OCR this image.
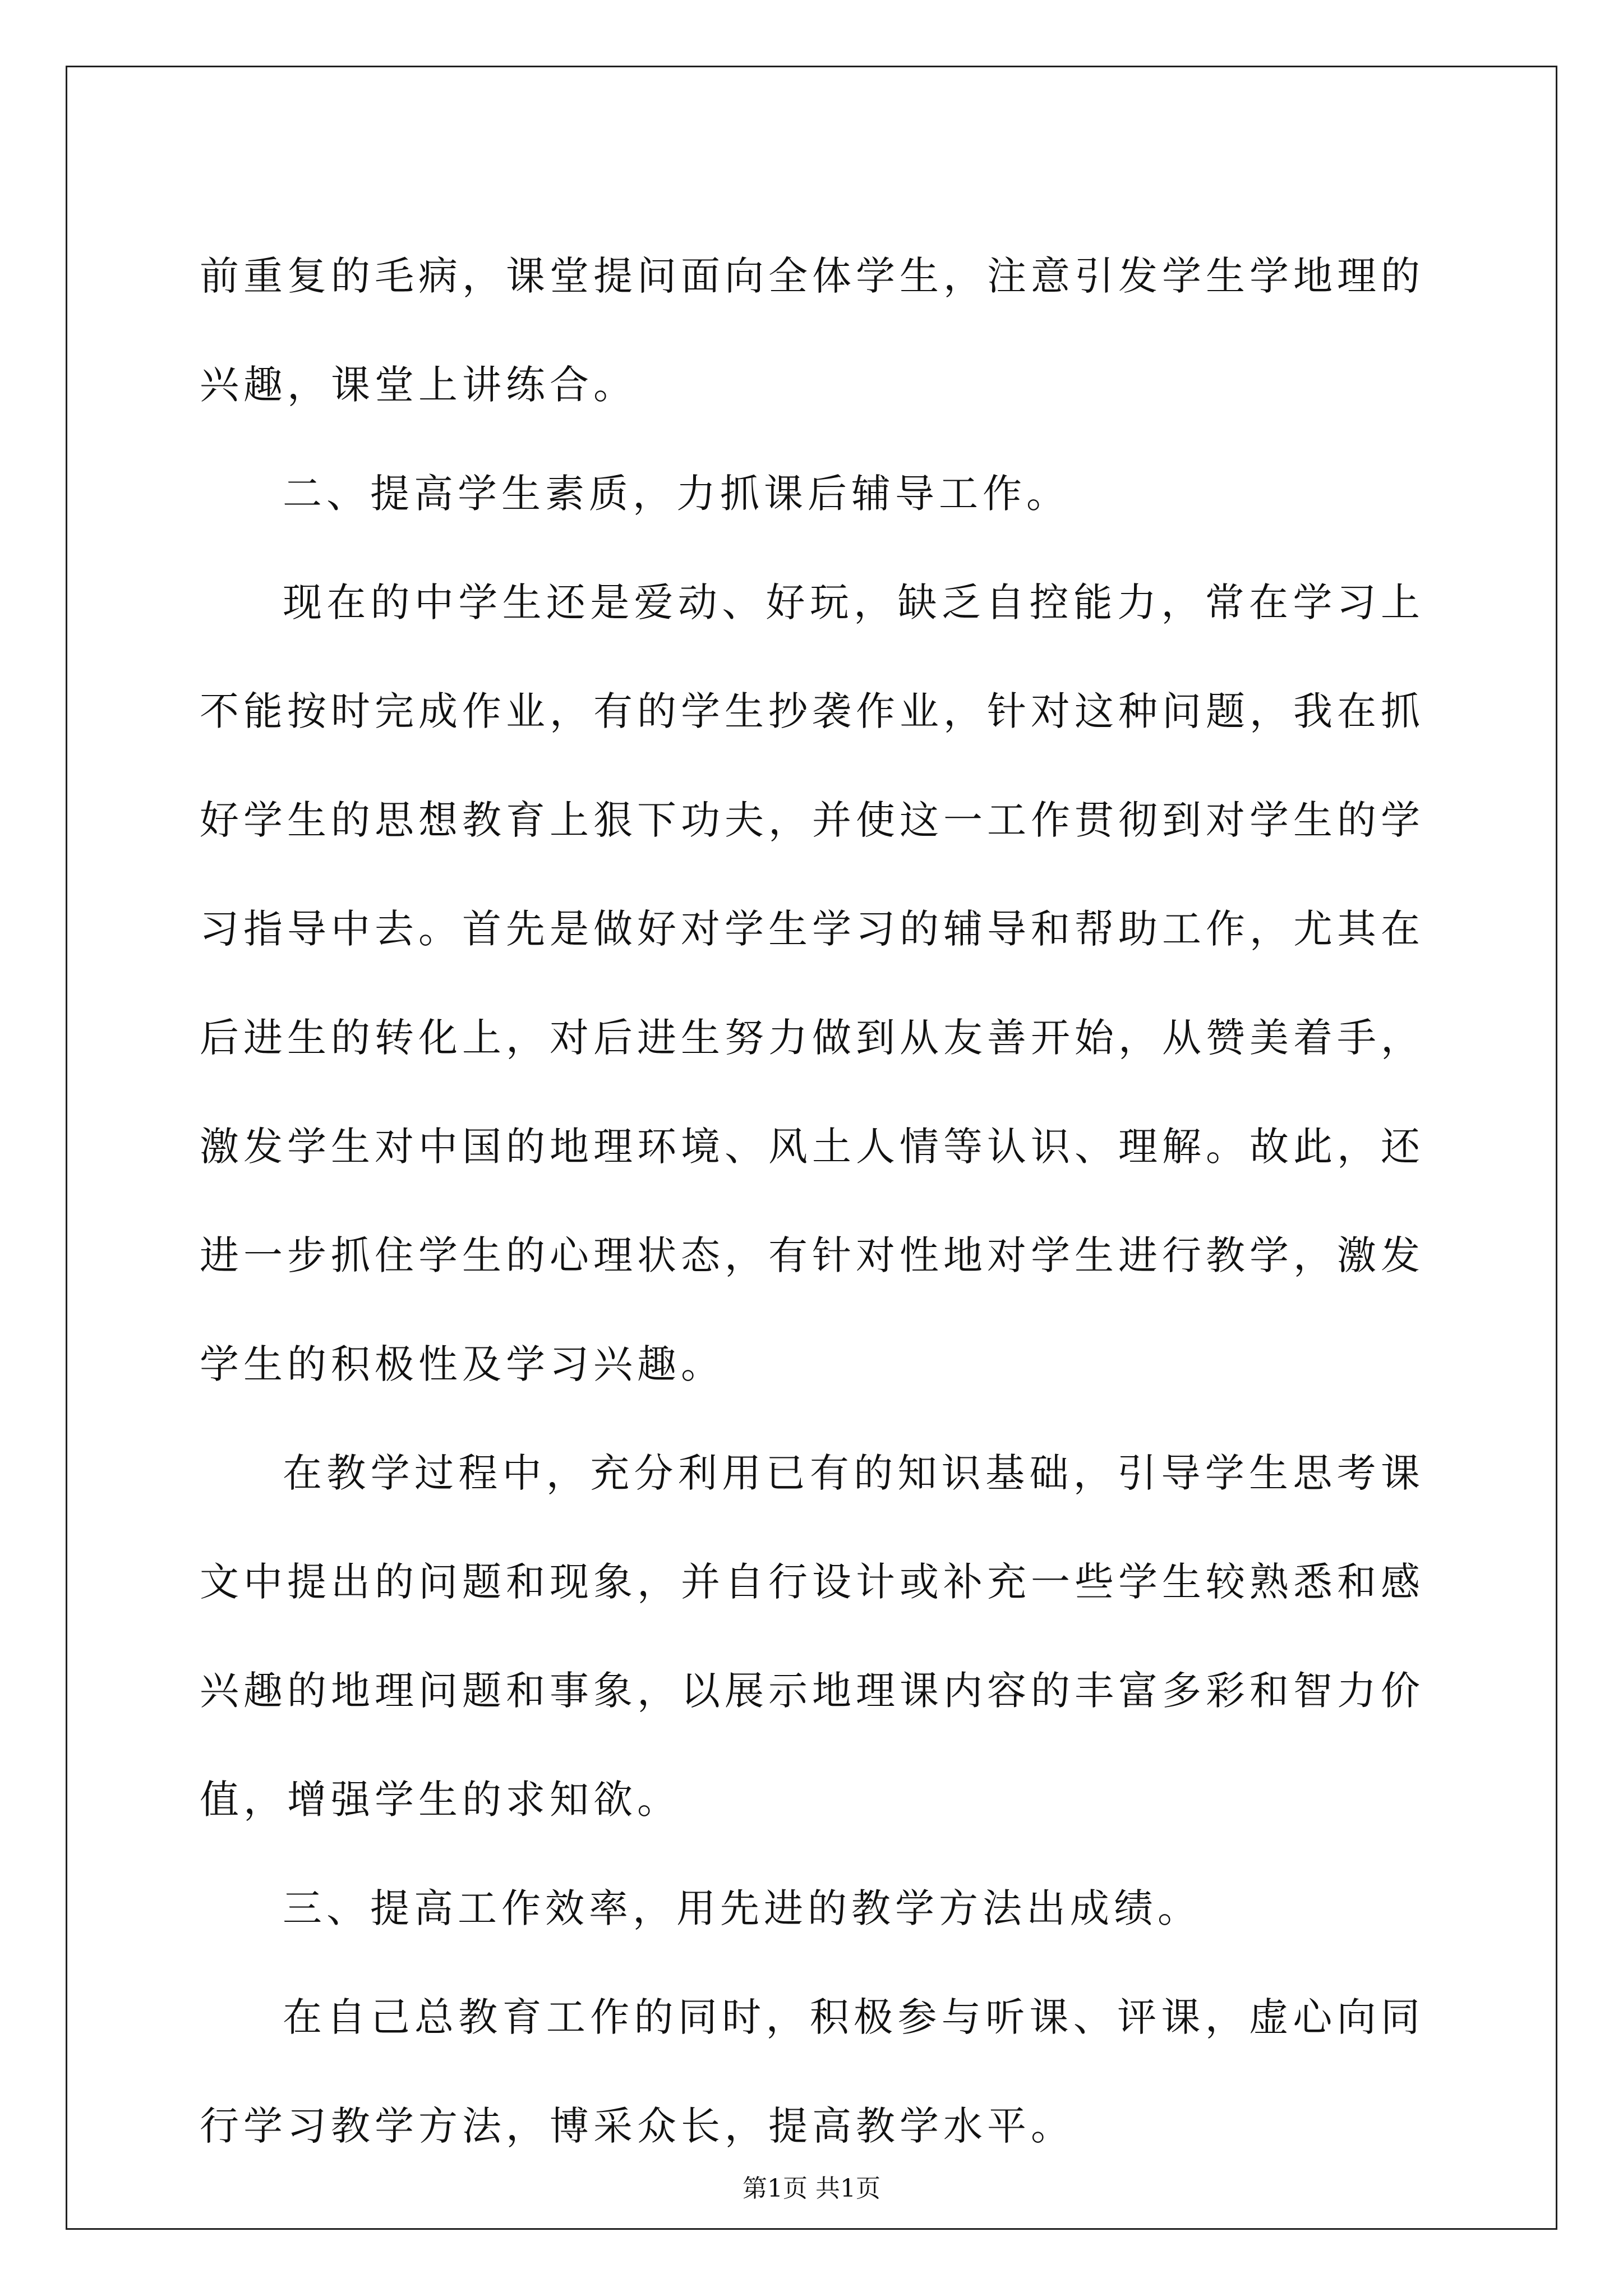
前重复的毛病，课堂提问面向全体学生，注意引发学生学地理的兴趣，课堂上讲练合。

二、提高学生素质，力抓课后辅导工作。

现在的中学生还是爱动、好玩，缺乏自控能力，常在学习上不能按时完成作业，有的学生抄袭作业，针对这种问题，我在抓好学生的思想教育上狠下功夫，并使这一工作贯彻到对学生的学习指导中去。首先是做好对学生学习的辅导和帮助工作，尤其在后进生的转化上，对后进生努力做到从友善开始，从赞美着手，激发学生对中国的地理环境、风土人情等认识、理解。故此，还进一步抓住学生的心理状态，有针对性地对学生进行教学，激发学生的积极性及学习兴趣。

在教学过程中，充分利用已有的知识基础，引导学生思考课文中提出的问题和现象，并自行设计或补充一些学生较熟悉和感兴趣的地理问题和事象，以展示地理课内容的丰富多彩和智力价值，增强学生的求知欲。

三、提高工作效率，用先进的教学方法出成绩。

在自己总教育工作的同时，积极参与听课、评课，虚心向同行学习教学方法，博采众长，提高教学水平。

第1页 共1页
